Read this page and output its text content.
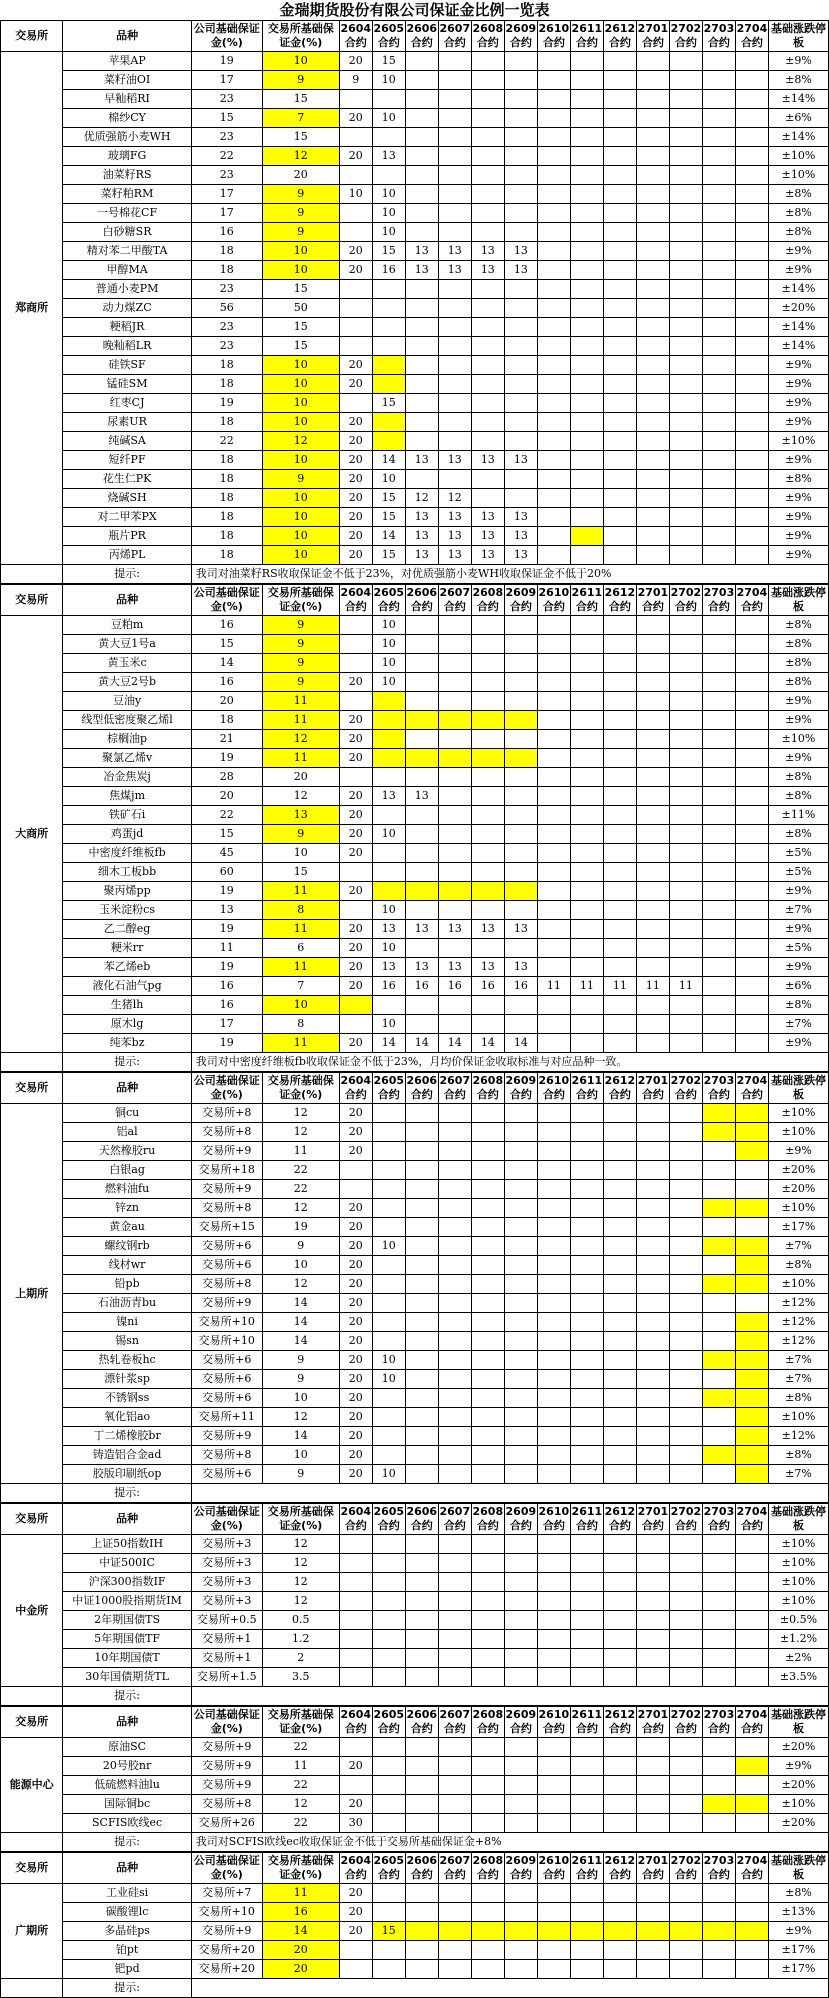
金瑞期货股份有限公司保证金比例一览表
交易所	品种	公司基础保证金(%)	交易所基础保证金(%)	2604合约	2605合约	2606合约	2607合约	2608合约	2609合约	2610合约	2611合约	2612合约	2701合约	2702合约	2703合约	2704合约	基础涨跌停板
郑商所	苹果AP	19	10	20	15												±9%
	菜籽油OI	17	9	9	10												±8%
	早籼稻RI	23	15														±14%
	棉纱CY	15	7	20	10												±6%
	优质强筋小麦WH	23	15														±14%
	玻璃FG	22	12	20	13												±10%
	油菜籽RS	23	20														±10%
	菜籽粕RM	17	9	10	10												±8%
	一号棉花CF	17	9		10												±8%
	白砂糖SR	16	9		10												±8%
	精对苯二甲酸TA	18	10	20	15	13	13	13	13								±9%
	甲醇MA	18	10	20	16	13	13	13	13								±9%
	普通小麦PM	23	15														±14%
	动力煤ZC	56	50														±20%
	粳稻JR	23	15														±14%
	晚籼稻LR	23	15														±14%
	硅铁SF	18	10	20													±9%
	锰硅SM	18	10	20													±9%
	红枣CJ	19	10		15												±9%
	尿素UR	18	10	20													±9%
	纯碱SA	22	12	20													±10%
	短纤PF	18	10	20	14	13	13	13	13								±9%
	花生仁PK	18	9	20	10												±8%
	烧碱SH	18	10	20	15	12	12										±9%
	对二甲苯PX	18	10	20	15	13	13	13	13								±9%
	瓶片PR	18	10	20	14	13	13	13	13								±9%
	丙烯PL	18	10	20	15	13	13	13	13								±9%
	提示:	我司对油菜籽RS收取保证金不低于23%，对优质强筋小麦WH收取保证金不低于20%															
交易所	品种	公司基础保证金(%)	交易所基础保证金(%)	2604合约	2605合约	2606合约	2607合约	2608合约	2609合约	2610合约	2611合约	2612合约	2701合约	2702合约	2703合约	2704合约	基础涨跌停板
大商所	豆粕m	16	9		10												±8%
	黄大豆1号a	15	9		10												±8%
	黄玉米c	14	9		10												±8%
	黄大豆2号b	16	9	20	10												±8%
	豆油y	20	11														±9%
	线型低密度聚乙烯l	18	11	20													±9%
	棕榈油p	21	12	20													±10%
	聚氯乙烯v	19	11	20													±9%
	冶金焦炭j	28	20														±8%
	焦煤jm	20	12	20	13	13											±8%
	铁矿石i	22	13	20													±11%
	鸡蛋jd	15	9	20	10												±8%
	中密度纤维板fb	45	10	20													±5%
	细木工板bb	60	15														±5%
	聚丙烯pp	19	11	20													±9%
	玉米淀粉cs	13	8		10												±7%
	乙二醇eg	19	11	20	13	13	13	13	13								±9%
	粳米rr	11	6	20	10												±5%
	苯乙烯eb	19	11	20	13	13	13	13	13								±9%
	液化石油气pg	16	7	20	16	16	16	16	16	11	11	11	11	11			±6%
	生猪lh	16	10														±8%
	原木lg	17	8		10												±7%
	纯苯bz	19	11	20	14	14	14	14	14								±9%
	提示:	我司对中密度纤维板fb收取保证金不低于23%，月均价保证金收取标准与对应品种一致。															
交易所	品种	公司基础保证金(%)	交易所基础保证金(%)	2604合约	2605合约	2606合约	2607合约	2608合约	2609合约	2610合约	2611合约	2612合约	2701合约	2702合约	2703合约	2704合约	基础涨跌停板
上期所	铜cu	交易所+8	12	20													±10%
	铝al	交易所+8	12	20													±10%
	天然橡胶ru	交易所+9	11	20													±9%
	白银ag	交易所+18	22														±20%
	燃料油fu	交易所+9	22														±20%
	锌zn	交易所+8	12	20													±10%
	黄金au	交易所+15	19	20													±17%
	螺纹钢rb	交易所+6	9	20	10												±7%
	线材wr	交易所+6	10	20													±8%
	铅pb	交易所+8	12	20													±10%
	石油沥青bu	交易所+9	14	20													±12%
	镍ni	交易所+10	14	20													±12%
	锡sn	交易所+10	14	20													±12%
	热轧卷板hc	交易所+6	9	20	10												±7%
	漂针浆sp	交易所+6	9	20	10												±7%
	不锈钢ss	交易所+6	10	20													±8%
	氧化铝ao	交易所+11	12	20													±10%
	丁二烯橡胶br	交易所+9	14	20													±12%
	铸造铝合金ad	交易所+8	10	20													±8%
	胶版印刷纸op	交易所+6	9	20	10												±7%
	提示:																
交易所	品种	公司基础保证金(%)	交易所基础保证金(%)	2604合约	2605合约	2606合约	2607合约	2608合约	2609合约	2610合约	2611合约	2612合约	2701合约	2702合约	2703合约	2704合约	基础涨跌停板
中金所	上证50指数IH	交易所+3	12														±10%
	中证500IC	交易所+3	12														±10%
	沪深300指数IF	交易所+3	12														±10%
	中证1000股指期货IM	交易所+3	12														±10%
	2年期国债TS	交易所+0.5	0.5														±0.5%
	5年期国债TF	交易所+1	1.2														±1.2%
	10年期国债T	交易所+1	2														±2%
	30年国债期货TL	交易所+1.5	3.5														±3.5%
	提示:																
交易所	品种	公司基础保证金(%)	交易所基础保证金(%)	2604合约	2605合约	2606合约	2607合约	2608合约	2609合约	2610合约	2611合约	2612合约	2701合约	2702合约	2703合约	2704合约	基础涨跌停板
能源中心	原油SC	交易所+9	22														±20%
	20号胶nr	交易所+9	11	20													±9%
	低硫燃料油lu	交易所+9	22														±20%
	国际铜bc	交易所+8	12	20													±10%
	SCFIS欧线ec	交易所+26	22	30													±20%
	提示:	我司对SCFIS欧线ec收取保证金不低于交易所基础保证金+8%															
交易所	品种	公司基础保证金(%)	交易所基础保证金(%)	2604合约	2605合约	2606合约	2607合约	2608合约	2609合约	2610合约	2611合约	2612合约	2701合约	2702合约	2703合约	2704合约	基础涨跌停板
广期所	工业硅si	交易所+7	11	20													±8%
	碳酸锂lc	交易所+10	16	20													±13%
	多晶硅ps	交易所+9	14	20	15												±9%
	铂pt	交易所+20	20														±17%
	钯pd	交易所+20	20														±17%
	提示:																
